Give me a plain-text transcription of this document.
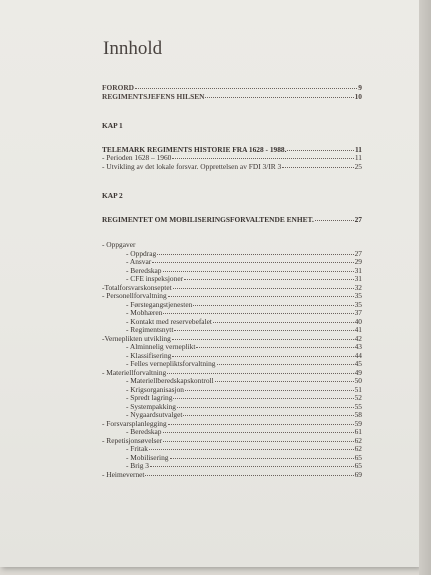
Innhold
FORORD	9
REGIMENTSJEFENS HILSEN	10
KAP 1
TELEMARK REGIMENTS HISTORIE FRA 1628 - 1988.	11
- Perioden 1628 – 1960	11
- Utvikling av det lokale forsvar. Opprettelsen av FDI 3/IR 3	25
KAP 2
REGIMENTET OM MOBILISERINGSFORVALTENDE ENHET.	27
- Oppgaver
- Oppdrag	27
- Ansvar	29
- Beredskap	31
- CFE inspeksjoner	31
-Totalforsvarskonseptet	32
- Personellforvaltning	35
- Førstegangstjenesten	35
- Mobhæren	37
- Kontakt med reservebefalet	40
- Regimentsnytt	41
-Verneplikten utvikling	42
- Alminnelig verneplikt	43
- Klassifisering	44
- Felles vernepliktsforvaltning	45
- Materiellforvaltning	49
- Materiellberedskapskontroll	50
- Krigsorganisasjon	51
- Spredt lagring	52
- Systempakking	55
- Nygaardsutvalget	58
- Forsvarsplanlegging	59
- Beredskap	61
- Repetisjonsøvelser	62
- Fritak	62
- Mobilisering	65
- Brig 3	65
- Heimevernet	69
